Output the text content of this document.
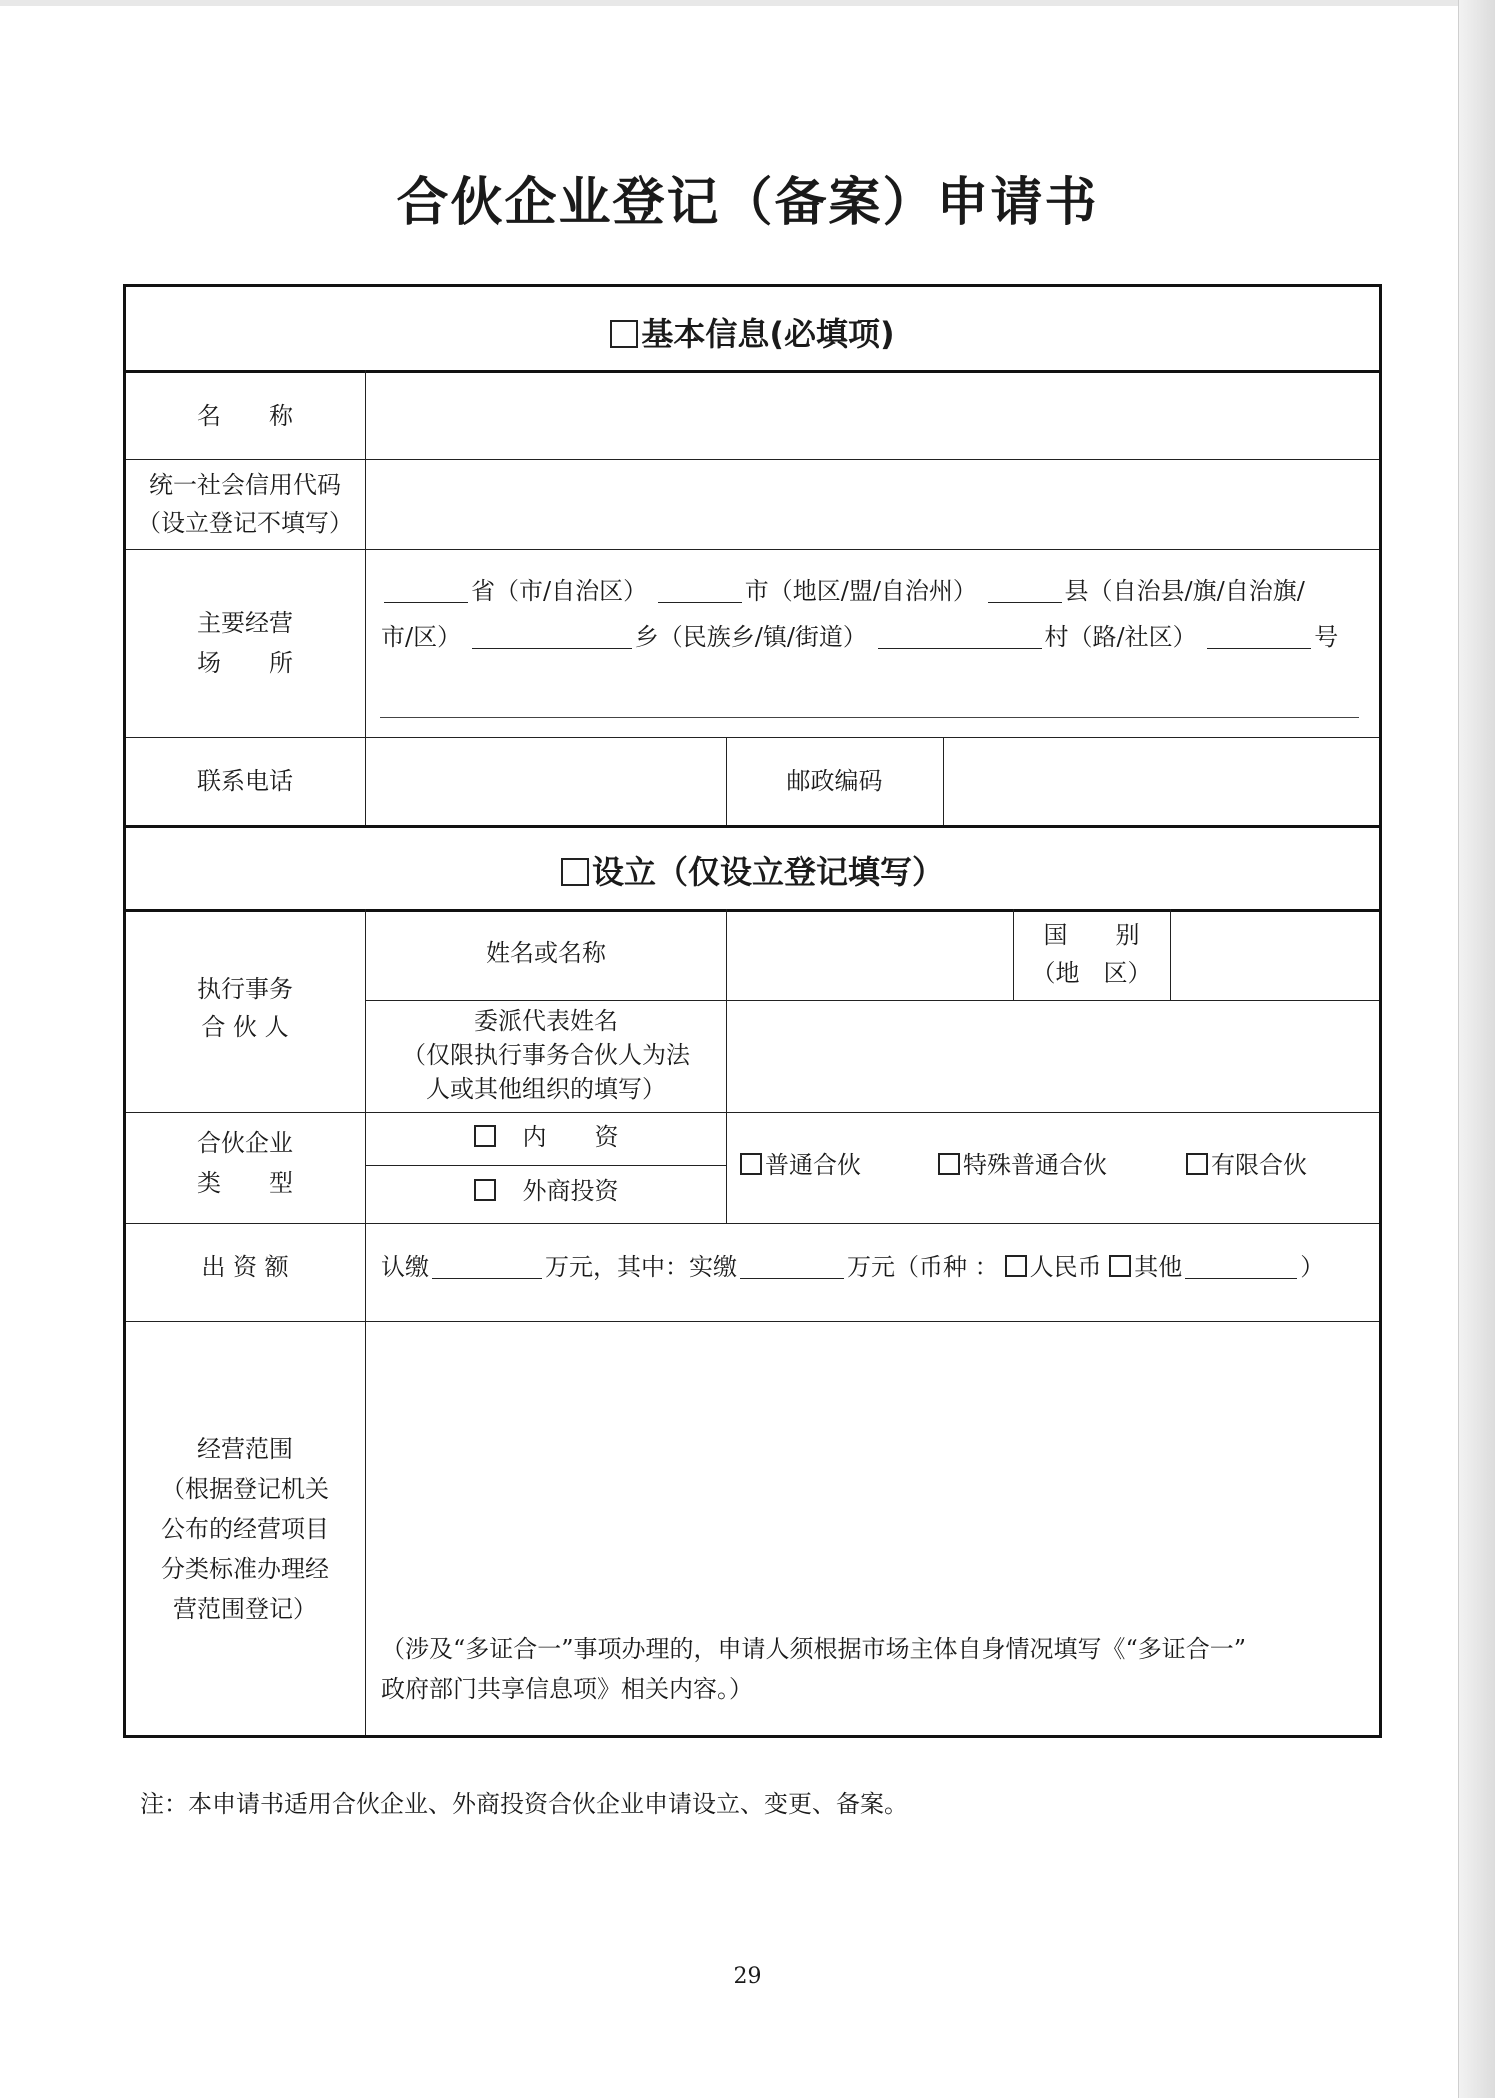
合伙企业登记（备案）申请书
基本信息(必填项)
名　　称
统一社会信用代码
（设立登记不填写）
主要经营
场　　所
省（市/自治区）	市（地区/盟/自治州）	县（自治县/旗/自治旗/
市/区）	乡（民族乡/镇/街道）	村（路/社区）	号
联系电话	邮政编码
设立（仅设立登记填写）
执行事务
合 伙 人
姓名或名称
国　　别
（地　区）
委派代表姓名
（仅限执行事务合伙人为法
人或其他组织的填写）
合伙企业
类　　型
　内　　资
　外商投资
普通合伙	特殊普通合伙	有限合伙
出 资 额	认缴	万元，其中：实缴	万元（币种 ： 人民币 其他	）
经营范围
（根据登记机关
公布的经营项目
分类标准办理经
营范围登记）
（涉及“多证合一”事项办理的，申请人须根据市场主体自身情况填写《“多证合一”
政府部门共享信息项》相关内容。）
注：本申请书适用合伙企业、外商投资合伙企业申请设立、变更、备案。
29
